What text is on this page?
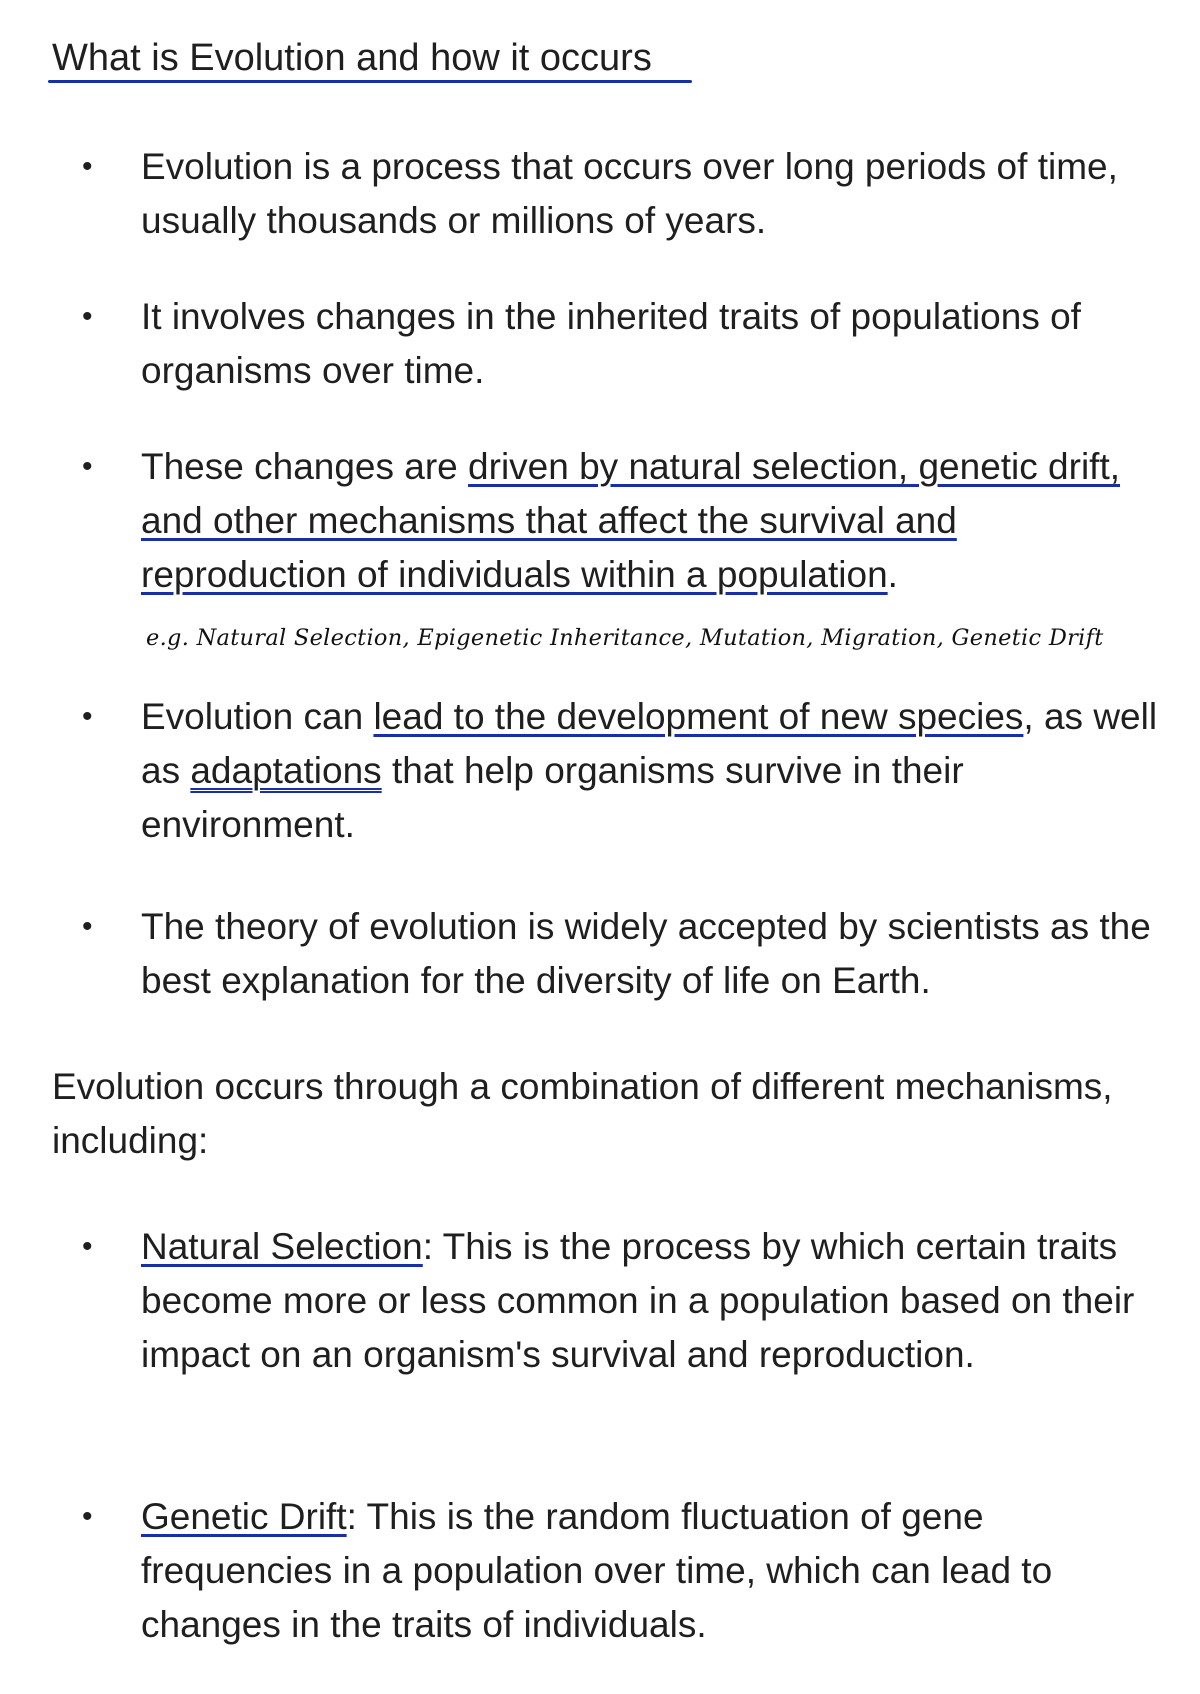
What is Evolution and how it occurs
• Evolution is a process that occurs over long periods of time, usually thousands or millions of years.

• It involves changes in the inherited traits of populations of organisms over time.

• These changes are driven by natural selection, genetic drift, and other mechanisms that affect the survival and reproduction of individuals within a population.

e.g. Natural Selection, Epigenetic Inheritance, Mutation, Migration, Genetic Drift
• Evolution can lead to the development of new species, as well as adaptations that help organisms survive in their environment.

• The theory of evolution is widely accepted by scientists as the best explanation for the diversity of life on Earth.

Evolution occurs through a combination of different mechanisms, including:

• Natural Selection: This is the process by which certain traits become more or less common in a population based on their impact on an organism's survival and reproduction.

• Genetic Drift: This is the random fluctuation of gene frequencies in a population over time, which can lead to changes in the traits of individuals.
